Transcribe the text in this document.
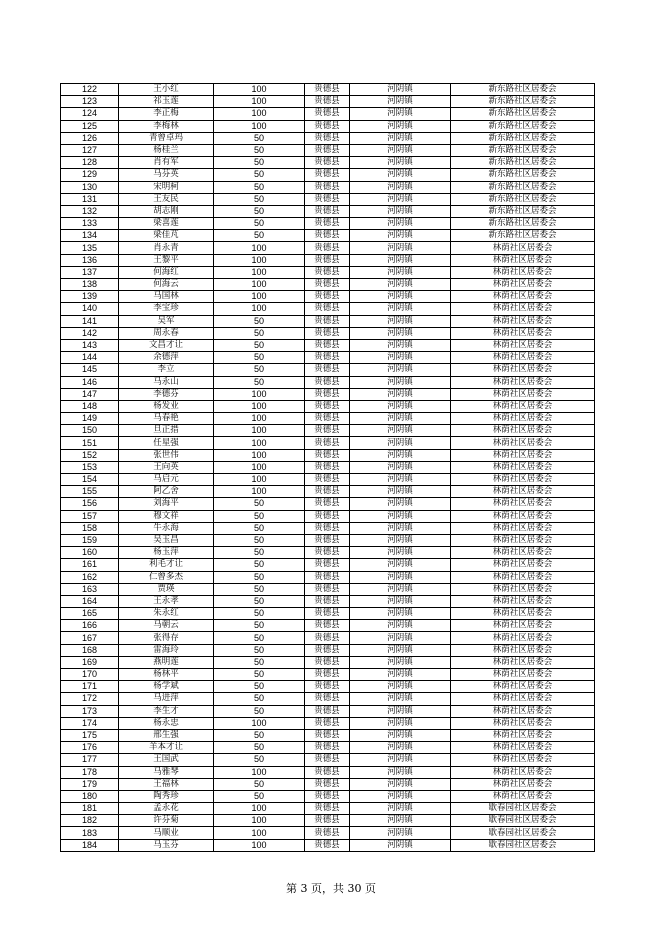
122	王小红	100	贵德县	河阴镇	新东路社区居委会
123	祁玉莲	100	贵德县	河阴镇	新东路社区居委会
124	李正梅	100	贵德县	河阴镇	新东路社区居委会
125	李梅林	100	贵德县	河阴镇	新东路社区居委会
126	青曾卓玛	50	贵德县	河阴镇	新东路社区居委会
127	杨桂兰	50	贵德县	河阴镇	新东路社区居委会
128	肖有军	50	贵德县	河阴镇	新东路社区居委会
129	马芬英	50	贵德县	河阴镇	新东路社区居委会
130	宋明柯	50	贵德县	河阴镇	新东路社区居委会
131	王友民	50	贵德县	河阴镇	新东路社区居委会
132	胡志刚	50	贵德县	河阴镇	新东路社区居委会
133	梁喜莲	50	贵德县	河阴镇	新东路社区居委会
134	梁佳芃	50	贵德县	河阴镇	新东路社区居委会
135	肖永青	100	贵德县	河阴镇	林荫社区居委会
136	王黎平	100	贵德县	河阴镇	林荫社区居委会
137	何海红	100	贵德县	河阴镇	林荫社区居委会
138	何海云	100	贵德县	河阴镇	林荫社区居委会
139	马国林	100	贵德县	河阴镇	林荫社区居委会
140	李宝珍	100	贵德县	河阴镇	林荫社区居委会
141	吴军	50	贵德县	河阴镇	林荫社区居委会
142	周永春	50	贵德县	河阴镇	林荫社区居委会
143	文昌才让	50	贵德县	河阴镇	林荫社区居委会
144	余德萍	50	贵德县	河阴镇	林荫社区居委会
145	李立	50	贵德县	河阴镇	林荫社区居委会
146	马永山	50	贵德县	河阴镇	林荫社区居委会
147	李德芬	100	贵德县	河阴镇	林荫社区居委会
148	杨发业	100	贵德县	河阴镇	林荫社区居委会
149	马春艳	100	贵德县	河阴镇	林荫社区居委会
150	旦正措	100	贵德县	河阴镇	林荫社区居委会
151	任星强	100	贵德县	河阴镇	林荫社区居委会
152	张世伟	100	贵德县	河阴镇	林荫社区居委会
153	王向英	100	贵德县	河阴镇	林荫社区居委会
154	马启元	100	贵德县	河阴镇	林荫社区居委会
155	阿乙舍	100	贵德县	河阴镇	林荫社区居委会
156	刘海平	50	贵德县	河阴镇	林荫社区居委会
157	穆文祥	50	贵德县	河阴镇	林荫社区居委会
158	牛永海	50	贵德县	河阴镇	林荫社区居委会
159	吴玉昌	50	贵德县	河阴镇	林荫社区居委会
160	杨玉萍	50	贵德县	河阴镇	林荫社区居委会
161	利毛才让	50	贵德县	河阴镇	林荫社区居委会
162	仁曾多杰	50	贵德县	河阴镇	林荫社区居委会
163	贾瑛	50	贵德县	河阴镇	林荫社区居委会
164	王永孝	50	贵德县	河阴镇	林荫社区居委会
165	朱永红	50	贵德县	河阴镇	林荫社区居委会
166	马朝云	50	贵德县	河阴镇	林荫社区居委会
167	张得存	50	贵德县	河阴镇	林荫社区居委会
168	雷海玲	50	贵德县	河阴镇	林荫社区居委会
169	燕明莲	50	贵德县	河阴镇	林荫社区居委会
170	杨林平	50	贵德县	河阴镇	林荫社区居委会
171	杨学斌	50	贵德县	河阴镇	林荫社区居委会
172	马进萍	50	贵德县	河阴镇	林荫社区居委会
173	李生才	50	贵德县	河阴镇	林荫社区居委会
174	杨永忠	100	贵德县	河阴镇	林荫社区居委会
175	邢生强	50	贵德县	河阴镇	林荫社区居委会
176	羊本才让	50	贵德县	河阴镇	林荫社区居委会
177	王国武	50	贵德县	河阴镇	林荫社区居委会
178	马雅琴	100	贵德县	河阴镇	林荫社区居委会
179	王福林	50	贵德县	河阴镇	林荫社区居委会
180	陶秀珍	50	贵德县	河阴镇	林荫社区居委会
181	孟永花	100	贵德县	河阴镇	歇春园社区居委会
182	许芬菊	100	贵德县	河阴镇	歇春园社区居委会
183	马顺业	100	贵德县	河阴镇	歇春园社区居委会
184	马玉芬	100	贵德县	河阴镇	歇春园社区居委会
第 3 页，共 30 页
